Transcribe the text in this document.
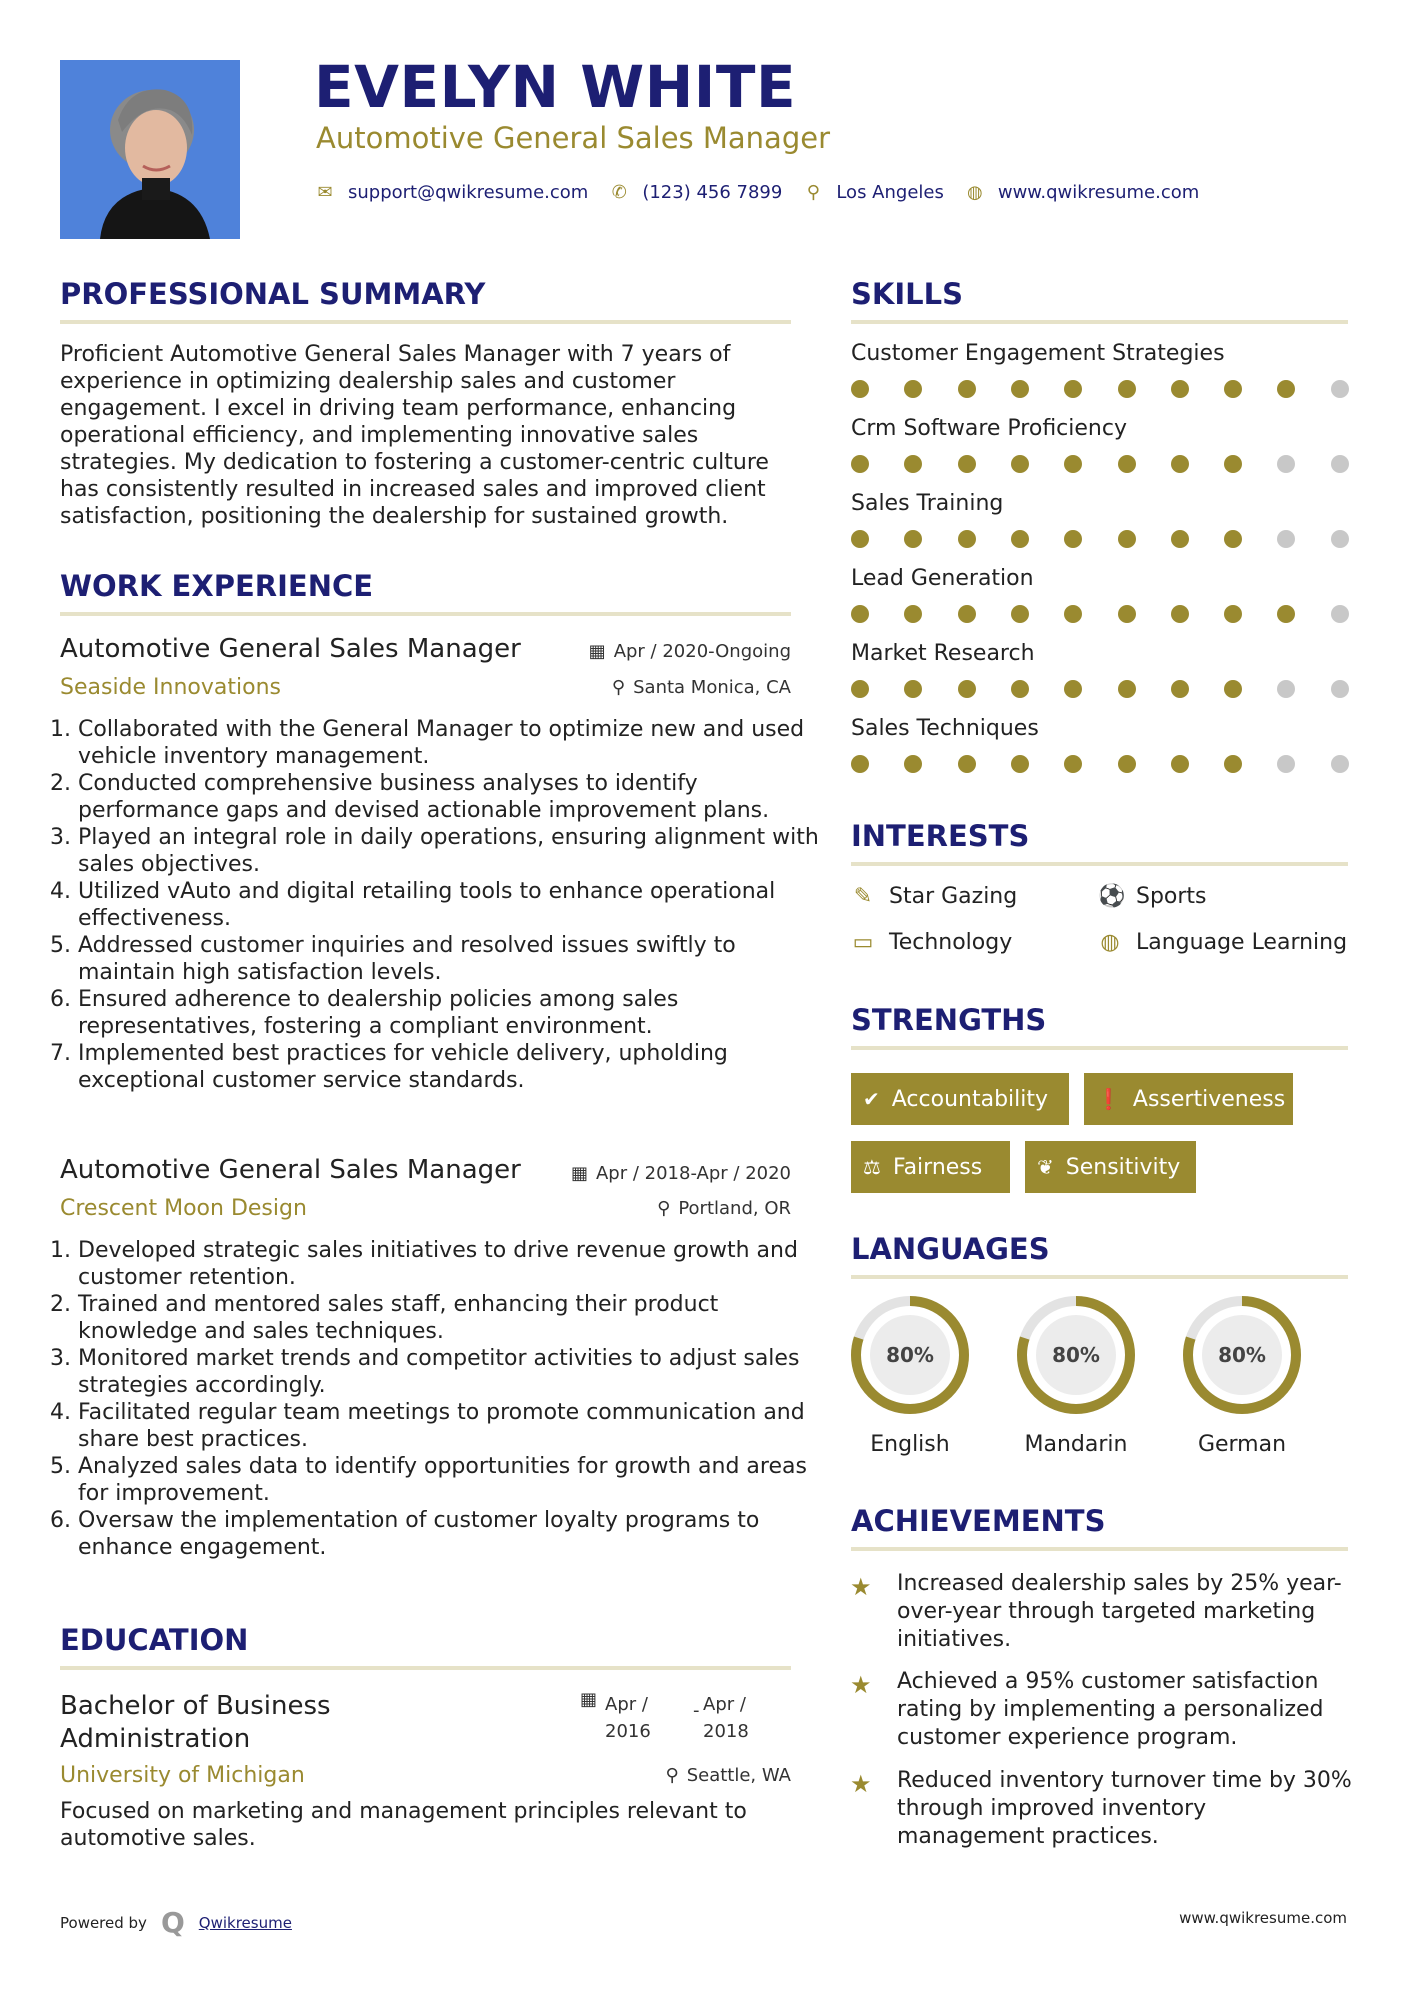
EVELYN WHITE
Automotive General Sales Manager
✉ support@qwikresume.com ✆ (123) 456 7899 ⚲ Los Angeles ◍ www.qwikresume.com
PROFESSIONAL SUMMARY
Proficient Automotive General Sales Manager with 7 years of experience in optimizing dealership sales and customer engagement. I excel in driving team performance, enhancing operational efficiency, and implementing innovative sales strategies. My dedication to fostering a customer-centric culture has consistently resulted in increased sales and improved client satisfaction, positioning the dealership for sustained growth.
WORK EXPERIENCE
Automotive General Sales Manager	▦ Apr / 2020-Ongoing
Seaside Innovations	⚲ Santa Monica, CA
1. Collaborated with the General Manager to optimize new and used vehicle inventory management.
2. Conducted comprehensive business analyses to identify performance gaps and devised actionable improvement plans.
3. Played an integral role in daily operations, ensuring alignment with sales objectives.
4. Utilized vAuto and digital retailing tools to enhance operational effectiveness.
5. Addressed customer inquiries and resolved issues swiftly to maintain high satisfaction levels.
6. Ensured adherence to dealership policies among sales representatives, fostering a compliant environment.
7. Implemented best practices for vehicle delivery, upholding exceptional customer service standards.
Automotive General Sales Manager	▦ Apr / 2018-Apr / 2020
Crescent Moon Design	⚲ Portland, OR
1. Developed strategic sales initiatives to drive revenue growth and customer retention.
2. Trained and mentored sales staff, enhancing their product knowledge and sales techniques.
3. Monitored market trends and competitor activities to adjust sales strategies accordingly.
4. Facilitated regular team meetings to promote communication and share best practices.
5. Analyzed sales data to identify opportunities for growth and areas for improvement.
6. Oversaw the implementation of customer loyalty programs to enhance engagement.
EDUCATION
Bachelor of Business Administration
▦ Apr /
2016
- Apr /
2018
University of Michigan	⚲ Seattle, WA
Focused on marketing and management principles relevant to automotive sales.
SKILLS
Customer Engagement Strategies
Crm Software Proficiency
Sales Training
Lead Generation
Market Research
Sales Techniques
INTERESTS
✎ Star Gazing	⚽ Sports
▭ Technology	◍ Language Learning
STRENGTHS
✔ Accountability ❗ Assertiveness
⚖ Fairness	❦ Sensitivity
LANGUAGES
80%
English
80%
Mandarin
80%
German
ACHIEVEMENTS
★ Increased dealership sales by 25% year-over-year through targeted marketing initiatives.
★ Achieved a 95% customer satisfaction rating by implementing a personalized customer experience program.
★ Reduced inventory turnover time by 30% through improved inventory management practices.
Powered by Q Qwikresume	www.qwikresume.com
